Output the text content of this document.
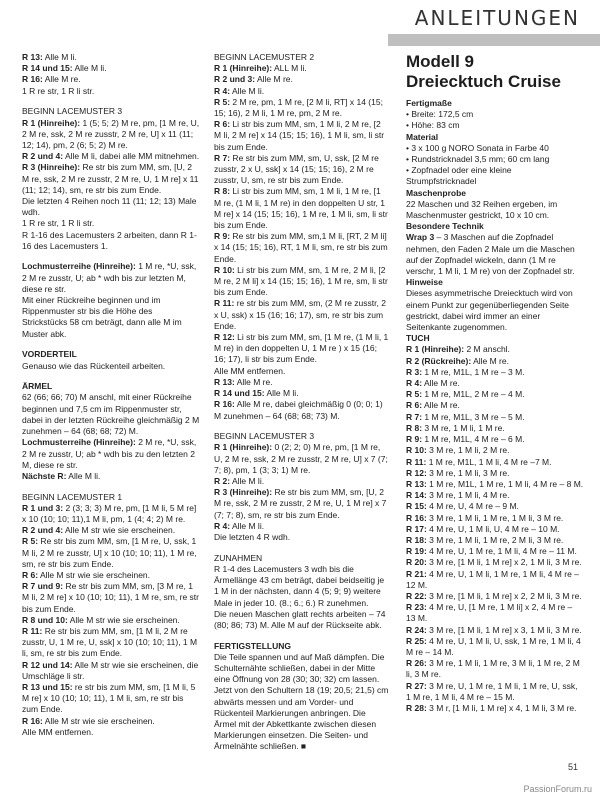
ANLEITUNGEN

R 13: Alle M li.

R 14 und 15: Alle M li.

R 16: Alle M re.

1 R re str, 1 R li str.

BEGINN LACEMUSTER 3

R 1 (Hinreihe): 1 (5; 5; 2) M re, pm, [1 M re, U, 2 M re, ssk, 2 M re zusstr, 2 M re, U] x 11 (11; 12; 14), pm, 2 (6; 5; 2) M re.

R 2 und 4: Alle M li, dabei alle MM mitnehmen.

R 3 (Hinreihe): Re str bis zum MM, sm, [U, 2 M re, ssk, 2 M re zusstr, 2 M re, U, 1 M re] x 11 (11; 12; 14), sm, re str bis zum Ende.

Die letzten 4 Reihen noch 11 (11; 12; 13) Male wdh.

1 R re str, 1 R li str.

R 1-16 des Lacemusters 2 arbeiten, dann R 1-16 des Lacemusters 1.

Lochmusterreihe (Hinreihe): 1 M re, *U, ssk, 2 M re zusstr, U; ab * wdh bis zur letzten M, diese re str.

Mit einer Rückreihe beginnen und im Rippenmuster str bis die Höhe des Strickstücks 58 cm beträgt, dann alle M im Muster abk.

VORDERTEIL

Genauso wie das Rückenteil arbeiten.

ÄRMEL

62 (66; 66; 70) M anschl, mit einer Rückreihe beginnen und 7,5 cm im Rippenmuster str, dabei in der letzten Rückreihe gleichmäßig 2 M zunehmen – 64 (68; 68; 72) M.

Lochmusterreihe (Hinreihe): 2 M re, *U, ssk, 2 M re zusstr, U; ab * wdh bis zu den letzten 2 M, diese re str.

Nächste R: Alle M li.

BEGINN LACEMUSTER 1

R 1 und 3: 2 (3; 3; 3) M re, pm, [1 M li, 5 M re] x 10 (10; 10; 11),1 M li, pm, 1 (4; 4; 2) M re.

R 2 und 4: Alle M str wie sie erscheinen.

R 5: Re str bis zum MM, sm, [1 M re, U, ssk, 1 M li, 2 M re zusstr, U] x 10 (10; 10; 11), 1 M re, sm, re str bis zum Ende.

R 6: Alle M str wie sie erscheinen.

R 7 und 9: Re str bis zum MM, sm, [3 M re, 1 M li, 2 M re] x 10 (10; 10; 11), 1 M re, sm, re str bis zum Ende.

R 8 und 10: Alle M str wie sie erscheinen.

R 11: Re str bis zum MM, sm, [1 M li, 2 M re zusstr, U, 1 M re, U, ssk] x 10 (10; 10; 11), 1 M li, sm, re str bis zum Ende.

R 12 und 14: Alle M str wie sie erscheinen, die Umschläge li str.

R 13 und 15: re str bis zum MM, sm, [1 M li, 5 M re] x 10 (10; 10; 11), 1 M li, sm, re str bis zum Ende.

R 16: Alle M str wie sie erscheinen.

Alle MM entfernen.

BEGINN LACEMUSTER 2

R 1 (Hinreihe): ALL M li.

R 2 und 3: Alle M re.

R 4: Alle M li.

R 5: 2 M re, pm, 1 M re, [2 M li, RT] x 14 (15; 15; 16), 2 M li, 1 M re, pm, 2 M re.

R 6: Li str bis zum MM, sm, 1 M li, 2 M re, [2 M li, 2 M re] x 14 (15; 15; 16), 1 M li, sm, li str bis zum Ende.

R 7: Re str bis zum MM, sm, U, ssk, [2 M re zusstr, 2 x U, ssk] x 14 (15; 15; 16), 2 M re zusstr, U, sm, re str bis zum Ende.

R 8: Li str bis zum MM, sm, 1 M li, 1 M re, [1 M re, (1 M li, 1 M re) in den doppelten U str, 1 M re] x 14 (15; 15; 16), 1 M re, 1 M li, sm, li str bis zum Ende.

R 9: Re str bis zum MM, sm,1 M li, [RT, 2 M li] x 14 (15; 15; 16), RT, 1 M li, sm, re str bis zum Ende.

R 10: Li str bis zum MM, sm, 1 M re, 2 M li, [2 M re, 2 M li] x 14 (15; 15; 16), 1 M re, sm, li str bis zum Ende.

R 11: re str bis zum MM, sm, (2 M re zusstr, 2 x U, ssk) x 15 (16; 16; 17), sm, re str bis zum Ende.

R 12: Li str bis zum MM, sm, [1 M re, (1 M li, 1 M re) in den doppelten U, 1 M re ) x 15 (16; 16; 17), li str bis zum Ende.

Alle MM entfernen.

R 13: Alle M re.

R 14 und 15: Alle M li.

R 16: Alle M re, dabei gleichmäßig 0 (0; 0; 1) M zunehmen – 64 (68; 68; 73) M.

BEGINN LACEMUSTER 3

R 1 (Hinreihe): 0 (2; 2; 0) M re, pm, [1 M re, U, 2 M re, ssk, 2 M re zusstr, 2 M re, U] x 7 (7; 7; 8), pm, 1 (3; 3; 1) M re.

R 2: Alle M li.

R 3 (Hinreihe): Re str bis zum MM, sm, [U, 2 M re, ssk, 2 M re zusstr, 2 M re, U, 1 M re] x 7 (7; 7; 8), sm, re str bis zum Ende.

R 4: Alle M li.

Die letzten 4 R wdh.

ZUNAHMEN

R 1-4 des Lacemusters 3 wdh bis die Ärmellänge 43 cm beträgt, dabei beidseitig je 1 M in der nächsten, dann 4 (5; 9; 9) weitere Male in jeder 10. (8.; 6.; 6.) R zunehmen.

Die neuen Maschen glatt rechts arbeiten – 74 (80; 86; 73) M. Alle M auf der Rückseite abk.

FERTIGSTELLUNG

Die Teile spannen und auf Maß dämpfen. Die Schulternähte schließen, dabei in der Mitte eine Öffnung von 28 (30; 30; 32) cm lassen. Jetzt von den Schultern 18 (19; 20,5; 21,5) cm abwärts messen und am Vorder- und Rückenteil Markierungen anbringen. Die Ärmel mit der Abkettkante zwischen diesen Markierungen einsetzen. Die Seiten- und Ärmelnähte schließen. ■

Modell 9
Dreiecktuch Cruise

Fertigmaße

• Breite: 172,5 cm
• Höhe: 83 cm

Material

• 3 x 100 g NORO Sonata in Farbe 40
• Rundstricknadel 3,5 mm; 60 cm lang
• Zopfnadel oder eine kleine Strumpfstricknadel

Maschenprobe

22 Maschen und 32 Reihen ergeben, im Maschenmuster gestrickt, 10 x 10 cm.

Besondere Technik

Wrap 3 – 3 Maschen auf die Zopfnadel nehmen, den Faden 2 Male um die Maschen auf der Zopfnadel wickeln, dann (1 M re verschr, 1 M li, 1 M re) von der Zopfnadel str.

Hinweise

Dieses asymmetrische Dreiecktuch wird von einem Punkt zur gegenüberliegenden Seite gestrickt, dabei wird immer an einer Seitenkante zugenommen.

TUCH

R 1 (Hinreihe): 2 M anschl.

R 2 (Rückreihe): Alle M re.

R 3: 1 M re, M1L, 1 M re – 3 M.

R 4: Alle M re.

R 5: 1 M re, M1L, 2 M re – 4 M.

R 6: Alle M re.

R 7: 1 M re, M1L, 3 M re – 5 M.

R 8: 3 M re, 1 M li, 1 M re.

R 9: 1 M re, M1L, 4 M re – 6 M.

R 10: 3 M re, 1 M li, 2 M re.

R 11: 1 M re, M1L, 1 M li, 4 M re –7 M.

R 12: 3 M re, 1 M li, 3 M re.

R 13: 1 M re, M1L, 1 M re, 1 M li, 4 M re – 8 M.

R 14: 3 M re, 1 M li, 4 M re.

R 15: 4 M re, U, 4 M re – 9 M.

R 16: 3 M re, 1 M li, 1 M re, 1 M li, 3 M re.

R 17: 4 M re, U, 1 M li, U, 4 M re – 10 M.

R 18: 3 M re, 1 M li, 1 M re, 2 M li, 3 M re.

R 19: 4 M re, U, 1 M re, 1 M li, 4 M re – 11 M.

R 20: 3 M re, [1 M li, 1 M re] x 2, 1 M li, 3 M re.

R 21: 4 M re, U, 1 M li, 1 M re, 1 M li, 4 M re – 12 M.

R 22: 3 M re, [1 M li, 1 M re] x 2, 2 M li, 3 M re.

R 23: 4 M re, U, [1 M re, 1 M li] x 2, 4 M re – 13 M.

R 24: 3 M re, [1 M li, 1 M re] x 3, 1 M li, 3 M re.

R 25: 4 M re, U, 1 M li, U, ssk, 1 M re, 1 M li, 4 M re – 14 M.

R 26: 3 M re, 1 M li, 1 M re, 3 M li, 1 M re, 2 M li, 3 M re.

R 27: 3 M re, U, 1 M re, 1 M li, 1 M re, U, ssk, 1 M re, 1 M li, 4 M re – 15 M.

R 28: 3 M r, [1 M li, 1 M re] x 4, 1 M li, 3 M re.

51
PassionForum.ru
